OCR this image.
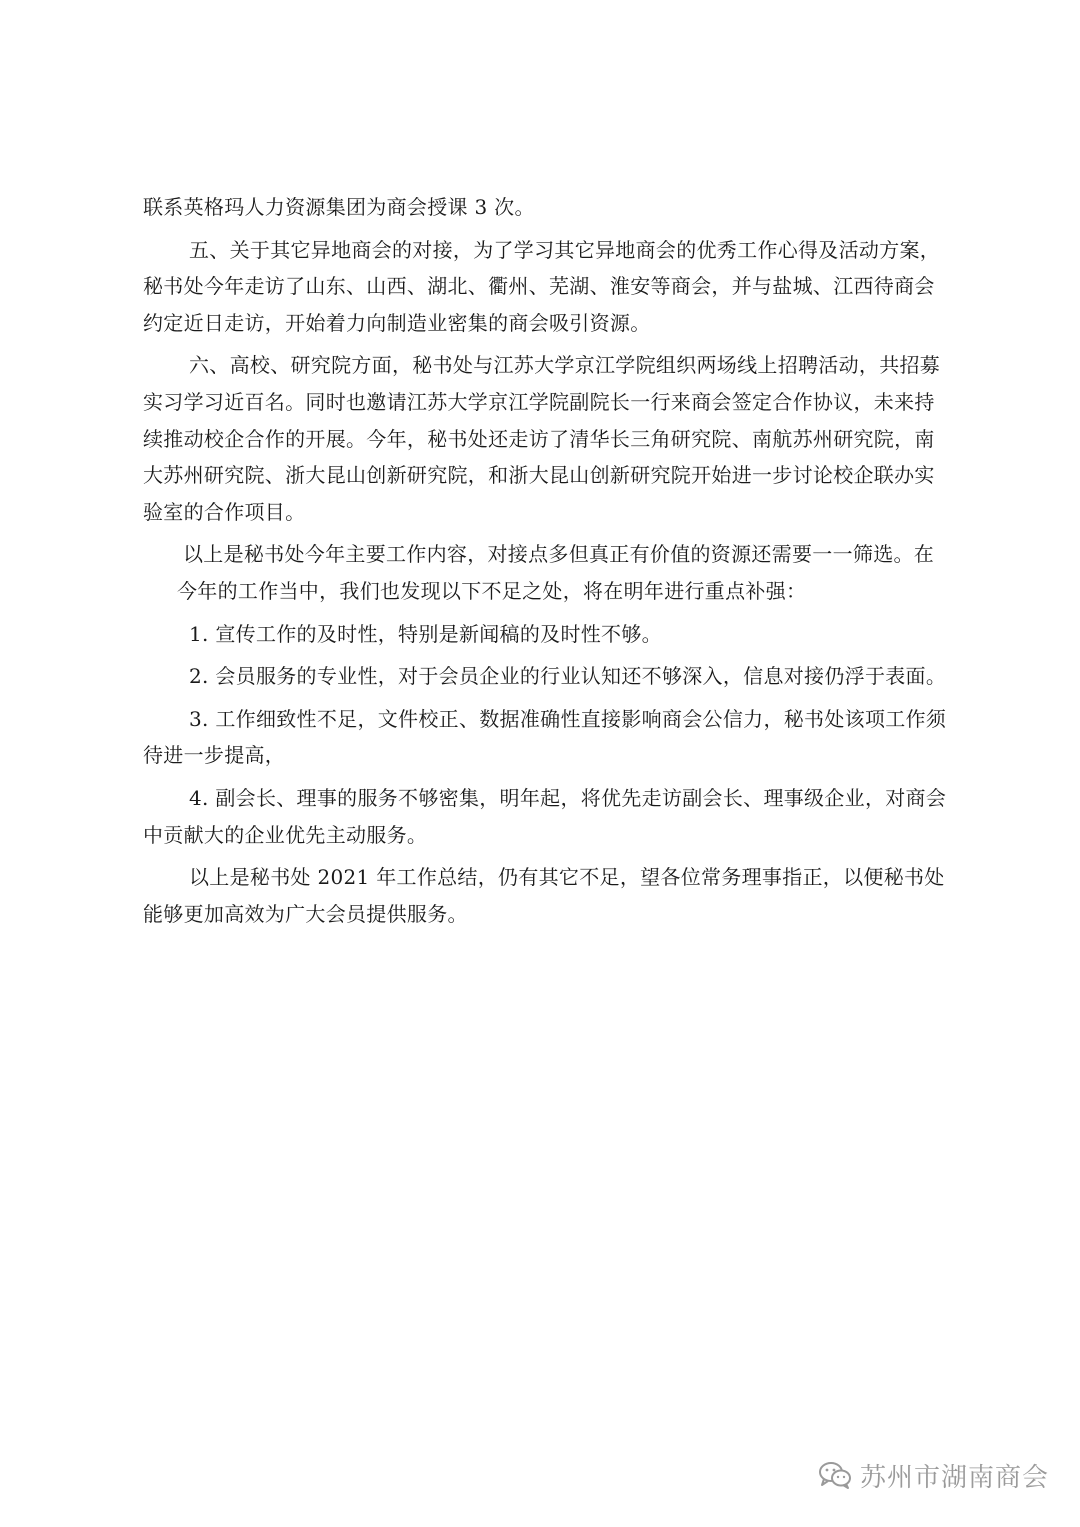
联系英格玛人力资源集团为商会授课 3 次。
五、关于其它异地商会的对接，为了学习其它异地商会的优秀工作心得及活动方案，
秘书处今年走访了山东、山西、湖北、衢州、芜湖、淮安等商会，并与盐城、江西待商会
约定近日走访，开始着力向制造业密集的商会吸引资源。
六、高校、研究院方面，秘书处与江苏大学京江学院组织两场线上招聘活动，共招募
实习学习近百名。同时也邀请江苏大学京江学院副院长一行来商会签定合作协议，未来持
续推动校企合作的开展。今年，秘书处还走访了清华长三角研究院、南航苏州研究院，南
大苏州研究院、浙大昆山创新研究院，和浙大昆山创新研究院开始进一步讨论校企联办实
验室的合作项目。
以上是秘书处今年主要工作内容，对接点多但真正有价值的资源还需要一一筛选。在
今年的工作当中，我们也发现以下不足之处，将在明年进行重点补强：
1. 宣传工作的及时性，特别是新闻稿的及时性不够。
2. 会员服务的专业性，对于会员企业的行业认知还不够深入，信息对接仍浮于表面。
3. 工作细致性不足，文件校正、数据准确性直接影响商会公信力，秘书处该项工作须
待进一步提高，
4. 副会长、理事的服务不够密集，明年起，将优先走访副会长、理事级企业，对商会
中贡献大的企业优先主动服务。
以上是秘书处 2021 年工作总结，仍有其它不足，望各位常务理事指正，以便秘书处
能够更加高效为广大会员提供服务。
苏州市湖南商会
